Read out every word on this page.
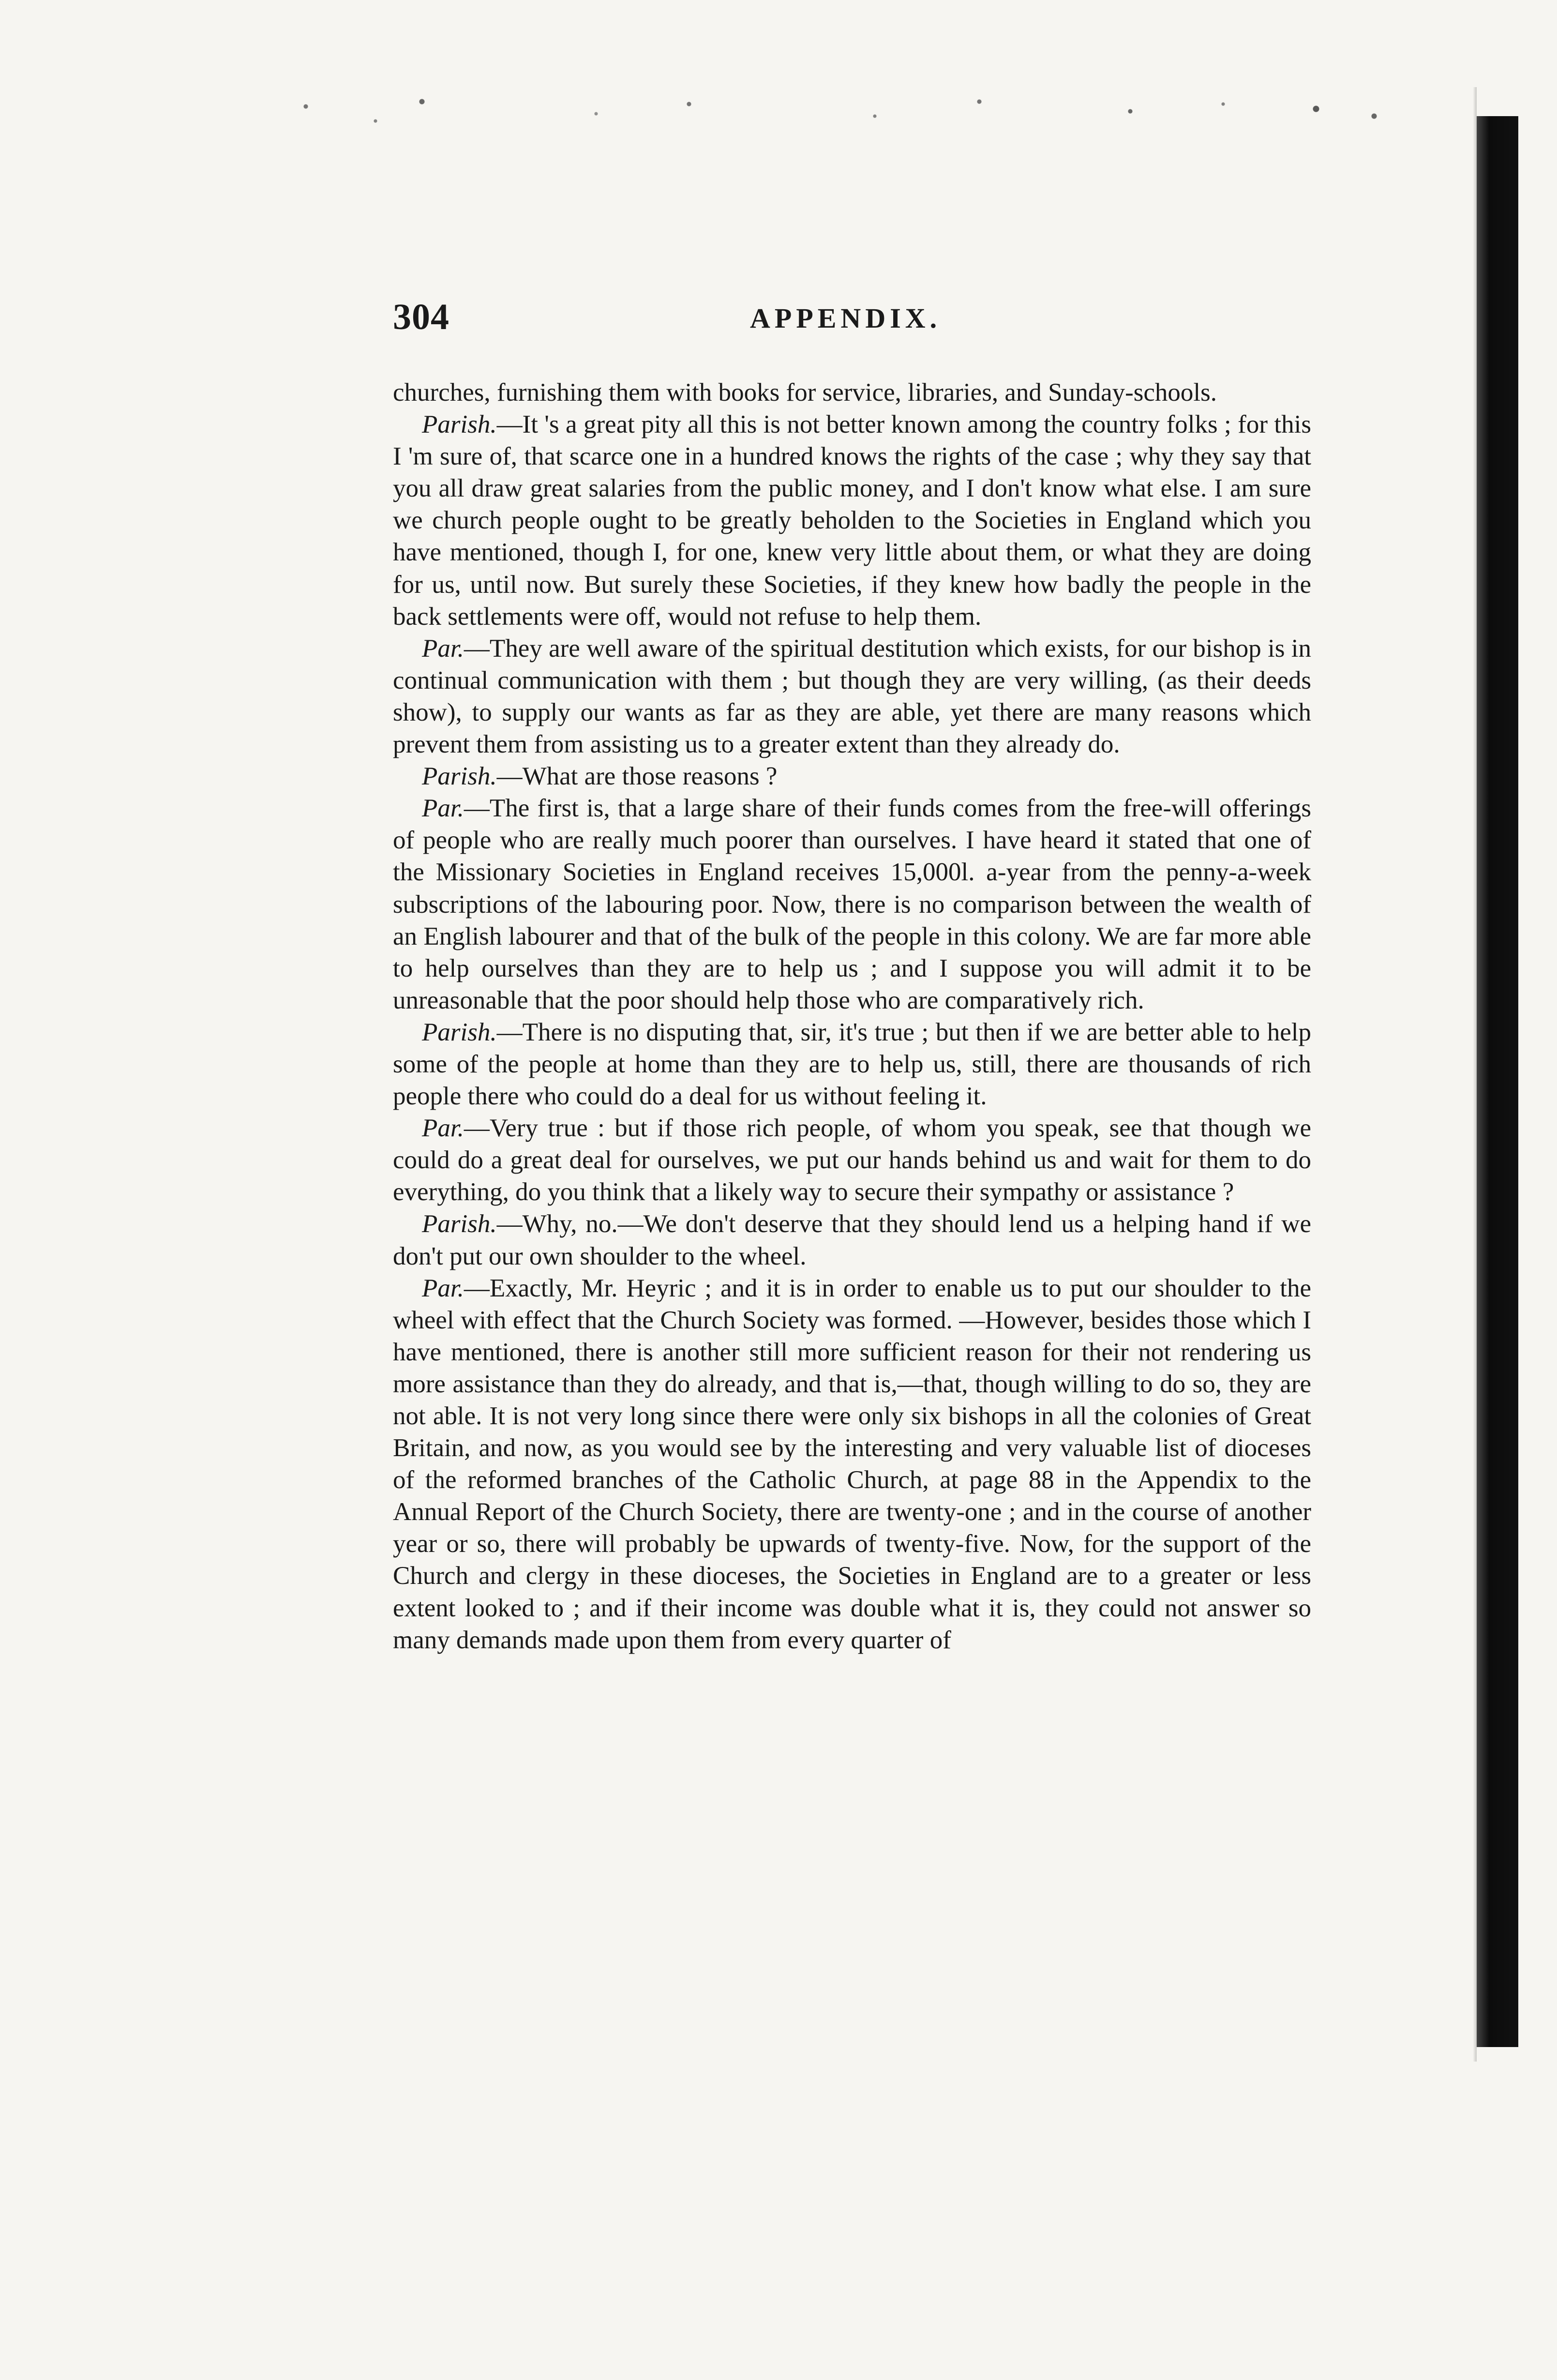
304	APPENDIX.

churches, furnishing them with books for service, libraries, and Sunday-schools.

Parish.—It 's a great pity all this is not better known among the country folks ; for this I 'm sure of, that scarce one in a hundred knows the rights of the case ; why they say that you all draw great salaries from the public money, and I don't know what else. I am sure we church people ought to be greatly beholden to the Societies in England which you have mentioned, though I, for one, knew very little about them, or what they are doing for us, until now. But surely these Societies, if they knew how badly the people in the back settlements were off, would not refuse to help them.

Par.—They are well aware of the spiritual destitution which exists, for our bishop is in continual communication with them ; but though they are very willing, (as their deeds show), to supply our wants as far as they are able, yet there are many reasons which prevent them from assisting us to a greater extent than they already do.

Parish.—What are those reasons ?

Par.—The first is, that a large share of their funds comes from the free-will offerings of people who are really much poorer than ourselves. I have heard it stated that one of the Missionary Societies in England receives 15,000l. a-year from the penny-a-week subscriptions of the labouring poor. Now, there is no comparison between the wealth of an English labourer and that of the bulk of the people in this colony. We are far more able to help ourselves than they are to help us ; and I suppose you will admit it to be unreasonable that the poor should help those who are comparatively rich.

Parish.—There is no disputing that, sir, it's true ; but then if we are better able to help some of the people at home than they are to help us, still, there are thousands of rich people there who could do a deal for us without feeling it.

Par.—Very true : but if those rich people, of whom you speak, see that though we could do a great deal for ourselves, we put our hands behind us and wait for them to do everything, do you think that a likely way to secure their sympathy or assistance ?

Parish.—Why, no.—We don't deserve that they should lend us a helping hand if we don't put our own shoulder to the wheel.

Par.—Exactly, Mr. Heyric ; and it is in order to enable us to put our shoulder to the wheel with effect that the Church Society was formed. —However, besides those which I have mentioned, there is another still more sufficient reason for their not rendering us more assistance than they do already, and that is,—that, though willing to do so, they are not able. It is not very long since there were only six bishops in all the colonies of Great Britain, and now, as you would see by the interesting and very valuable list of dioceses of the reformed branches of the Catholic Church, at page 88 in the Appendix to the Annual Report of the Church Society, there are twenty-one ; and in the course of another year or so, there will probably be upwards of twenty-five. Now, for the support of the Church and clergy in these dioceses, the Societies in England are to a greater or less extent looked to ; and if their income was double what it is, they could not answer so many demands made upon them from every quarter of
